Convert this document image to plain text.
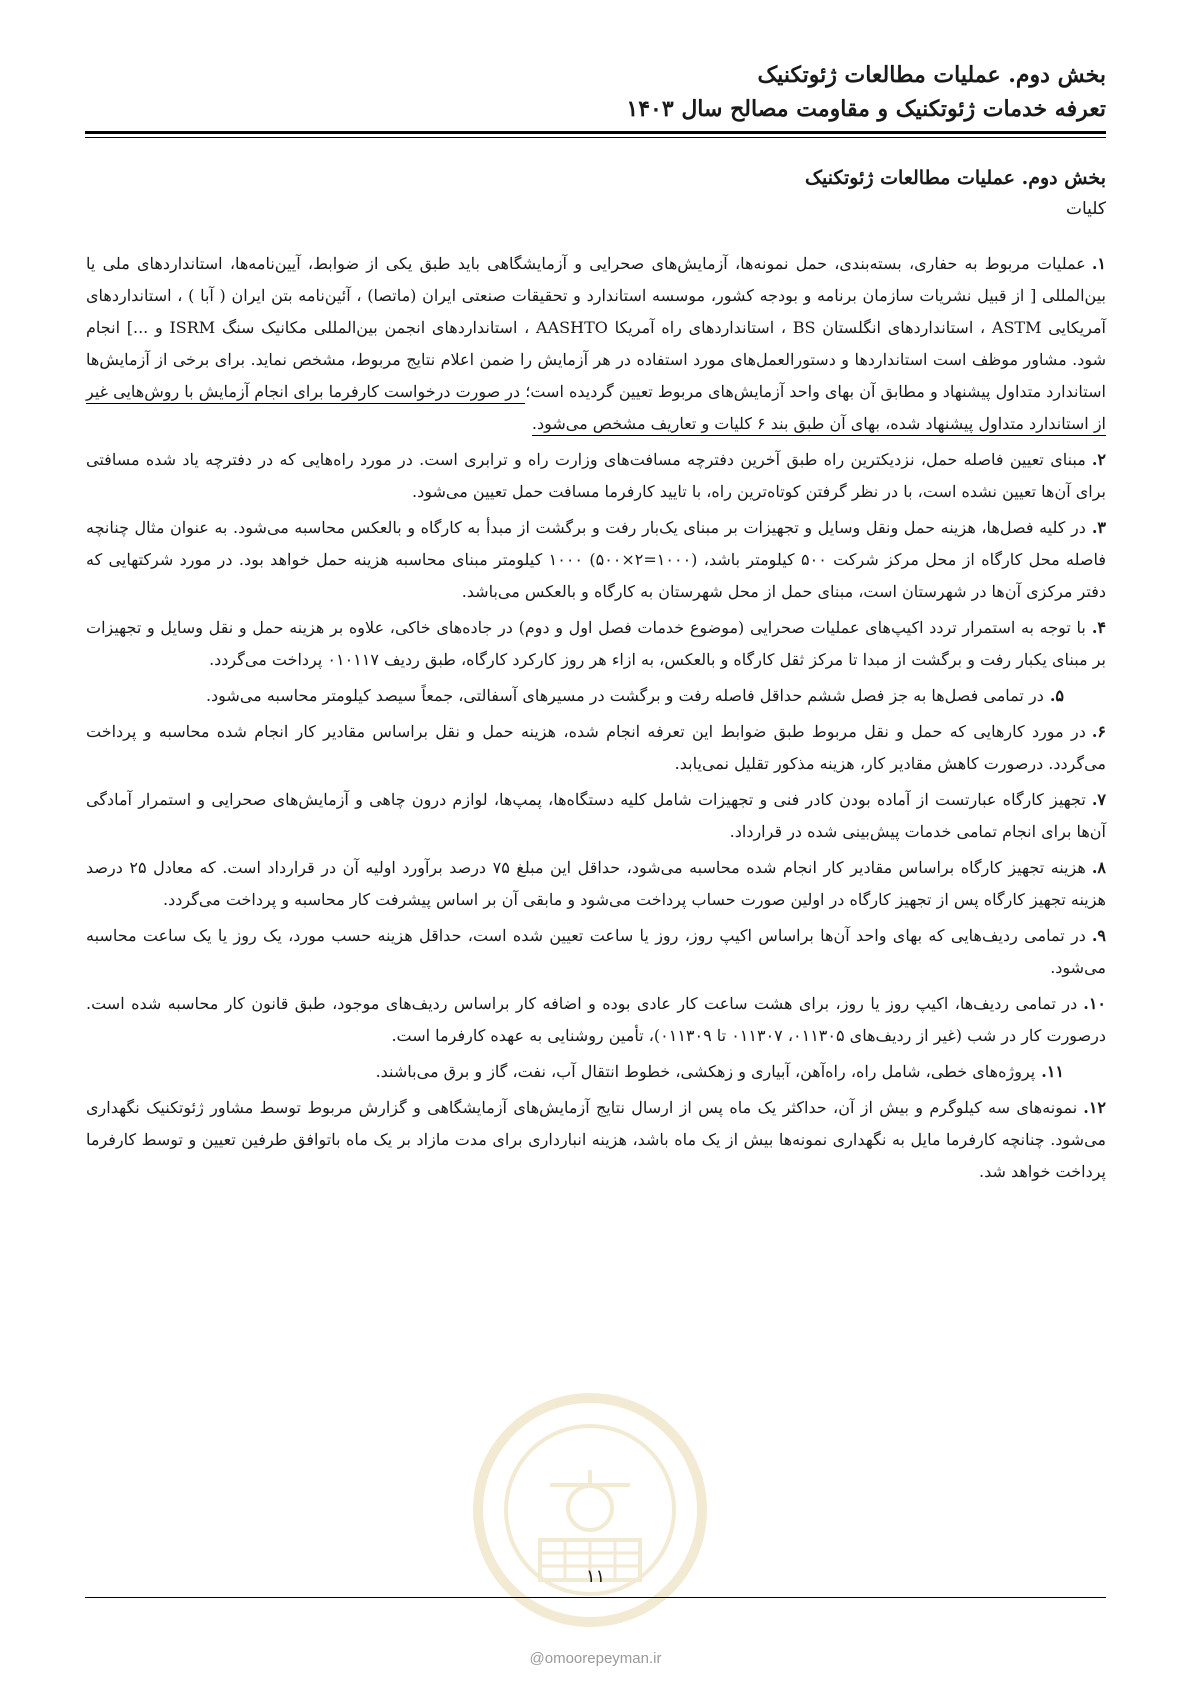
بخش دوم. عملیات مطالعات ژئوتکنیک
تعرفه خدمات ژئوتکنیک و مقاومت مصالح سال ۱۴۰۳
بخش دوم. عملیات مطالعات ژئوتکنیک
کلیات

۱.عملیات مربوط به حفاری، بسته‌بندی، حمل نمونه‌ها، آزمایش‌های صحرایی و آزمایشگاهی باید طبق یکی از ضوابط، آیین‌نامه‌ها، استانداردهای ملی یا بین‌المللی [ از قبیل نشریات سازمان برنامه و بودجه کشور، موسسه استاندارد و تحقیقات صنعتی ایران (ماتصا) ، آئین‌نامه بتن ایران ( آبا ) ، استانداردهای آمریکایی ASTM ، استانداردهای انگلستان BS ، استانداردهای راه آمریکا AASHTO ، استانداردهای انجمن بین‌المللی مکانیک سنگ ISRM و ...] انجام شود. مشاور موظف است استانداردها و دستورالعمل‌های مورد استفاده در هر آزمایش را ضمن اعلام نتایج مربوط، مشخص نماید. برای برخی از آزمایش‌ها استاندارد متداول پیشنهاد و مطابق آن بهای واحد آزمایش‌های مربوط تعیین گردیده است؛ در صورت درخواست کارفرما برای انجام آزمایش با روش‌هایی غیر از استاندارد متداول پیشنهاد شده، بهای آن طبق بند ۶ کلیات و تعاریف مشخص می‌شود.

۲.مبنای تعیین فاصله حمل، نزدیکترین راه طبق آخرین دفترچه مسافت‌های وزارت راه و ترابری است. در مورد راه‌هایی که در دفترچه یاد شده مسافتی برای آن‌ها تعیین نشده است، با در نظر گرفتن کوتاه‌ترین راه، با تایید کارفرما مسافت حمل تعیین می‌شود.

۳.در کلیه فصل‌ها، هزینه حمل ونقل وسایل و تجهیزات بر مبنای یک‌بار رفت و برگشت از مبدأ به کارگاه و بالعکس محاسبه می‌شود. به عنوان مثال چنانچه فاصله محل کارگاه از محل مرکز شرکت ۵۰۰ کیلومتر باشد، (۱۰۰۰=۲×۵۰۰) ۱۰۰۰ کیلومتر مبنای محاسبه هزینه حمل خواهد بود. در مورد شرکتهایی که دفتر مرکزی آن‌ها در شهرستان است، مبنای حمل از محل شهرستان به کارگاه و بالعکس می‌باشد.

۴.با توجه به استمرار تردد اکیپ‌های عملیات صحرایی (موضوع خدمات فصل اول و دوم) در جاده‌های خاکی، علاوه بر هزینه حمل و نقل وسایل و تجهیزات بر مبنای یکبار رفت و برگشت از مبدا تا مرکز ثقل کارگاه و بالعکس، به ازاء هر روز کارکرد کارگاه، طبق ردیف ۰۱۰۱۱۷ پرداخت می‌گردد.

۵.در تمامی فصل‌ها به جز فصل ششم حداقل فاصله رفت و برگشت در مسیرهای آسفالتی، جمعاً سیصد کیلومتر محاسبه می‌شود.

۶.در مورد کارهایی که حمل و نقل مربوط طبق ضوابط این تعرفه انجام شده، هزینه حمل و نقل براساس مقادیر کار انجام شده محاسبه و پرداخت می‌گردد. درصورت کاهش مقادیر کار، هزینه مذکور تقلیل نمی‌یابد.

۷.تجهیز کارگاه عبارتست از آماده بودن کادر فنی و تجهیزات شامل کلیه دستگاه‌ها، پمپ‌ها، لوازم درون چاهی و آزمایش‌های صحرایی و استمرار آمادگی آن‌ها برای انجام تمامی خدمات پیش‌بینی شده در قرارداد.

۸.هزینه تجهیز کارگاه براساس مقادیر کار انجام شده محاسبه می‌شود، حداقل این مبلغ ۷۵ درصد برآورد اولیه آن در قرارداد است. که معادل ۲۵ درصد هزینه تجهیز کارگاه پس از تجهیز کارگاه در اولین صورت حساب پرداخت می‌شود و مابقی آن بر اساس پیشرفت کار محاسبه و پرداخت می‌گردد.

۹.در تمامی ردیف‌هایی که بهای واحد آن‌ها براساس اکیپ روز، روز یا ساعت تعیین شده است، حداقل هزینه حسب مورد، یک روز یا یک ساعت محاسبه می‌شود.

۱۰.در تمامی ردیف‌ها، اکیپ روز یا روز، برای هشت ساعت کار عادی بوده و اضافه کار براساس ردیف‌های موجود، طبق قانون کار محاسبه شده است. درصورت کار در شب (غیر از ردیف‌های ۰۱۱۳۰۵، ۰۱۱۳۰۷ تا ۰۱۱۳۰۹)، تأمین روشنایی به عهده کارفرما است.

۱۱.پروژه‌های خطی، شامل راه، راه‌آهن، آبیاری و زهکشی، خطوط انتقال آب، نفت، گاز و برق می‌باشند.

۱۲.نمونه‌های سه کیلوگرم و بیش از آن، حداکثر یک ماه پس از ارسال نتایج آزمایش‌های آزمایشگاهی و گزارش مربوط توسط مشاور ژئوتکنیک نگهداری می‌شود. چنانچه کارفرما مایل به نگهداری نمونه‌ها بیش از یک ماه باشد، هزینه انبارداری برای مدت مازاد بر یک ماه باتوافق طرفین تعیین و توسط کارفرما پرداخت خواهد شد.

۱۱
@omoorepeyman.ir
